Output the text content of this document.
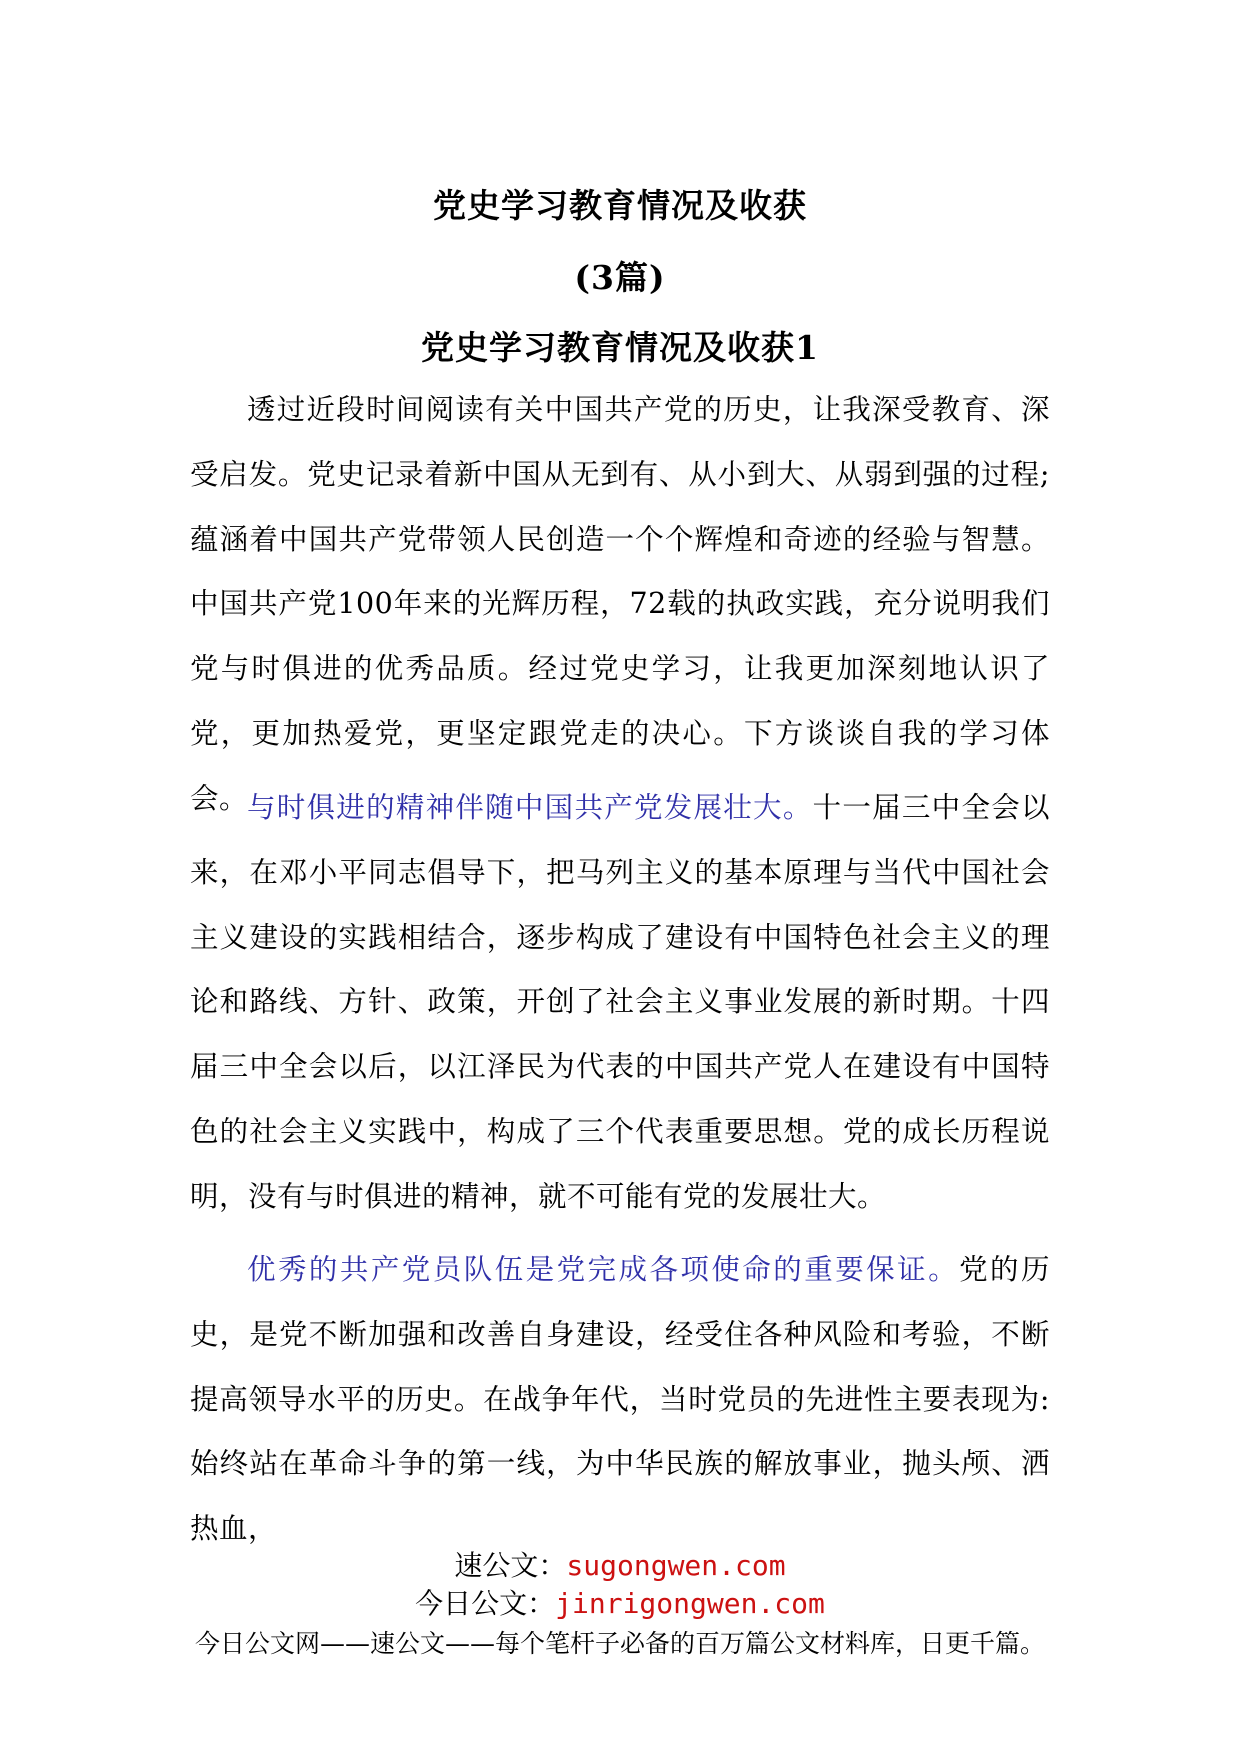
党史学习教育情况及收获
(3篇)
党史学习教育情况及收获1

透过近段时间阅读有关中国共产党的历史，让我深受教育、深受启发。党史记录着新中国从无到有、从小到大、从弱到强的过程;蕴涵着中国共产党带领人民创造一个个辉煌和奇迹的经验与智慧。中国共产党100年来的光辉历程，72载的执政实践，充分说明我们党与时俱进的优秀品质。经过党史学习，让我更加深刻地认识了党，更加热爱党，更坚定跟党走的决心。下方谈谈自我的学习体会。

与时俱进的精神伴随中国共产党发展壮大。十一届三中全会以来，在邓小平同志倡导下，把马列主义的基本原理与当代中国社会主义建设的实践相结合，逐步构成了建设有中国特色社会主义的理论和路线、方针、政策，开创了社会主义事业发展的新时期。十四届三中全会以后，以江泽民为代表的中国共产党人在建设有中国特色的社会主义实践中，构成了三个代表重要思想。党的成长历程说明，没有与时俱进的精神，就不可能有党的发展壮大。

优秀的共产党员队伍是党完成各项使命的重要保证。党的历史，是党不断加强和改善自身建设，经受住各种风险和考验，不断提高领导水平的历史。在战争年代，当时党员的先进性主要表现为:始终站在革命斗争的第一线，为中华民族的解放事业，抛头颅、洒热血，

速公文：sugongwen.com
今日公文：jinrigongwen.com
今日公文网——速公文——每个笔杆子必备的百万篇公文材料库，日更千篇。
